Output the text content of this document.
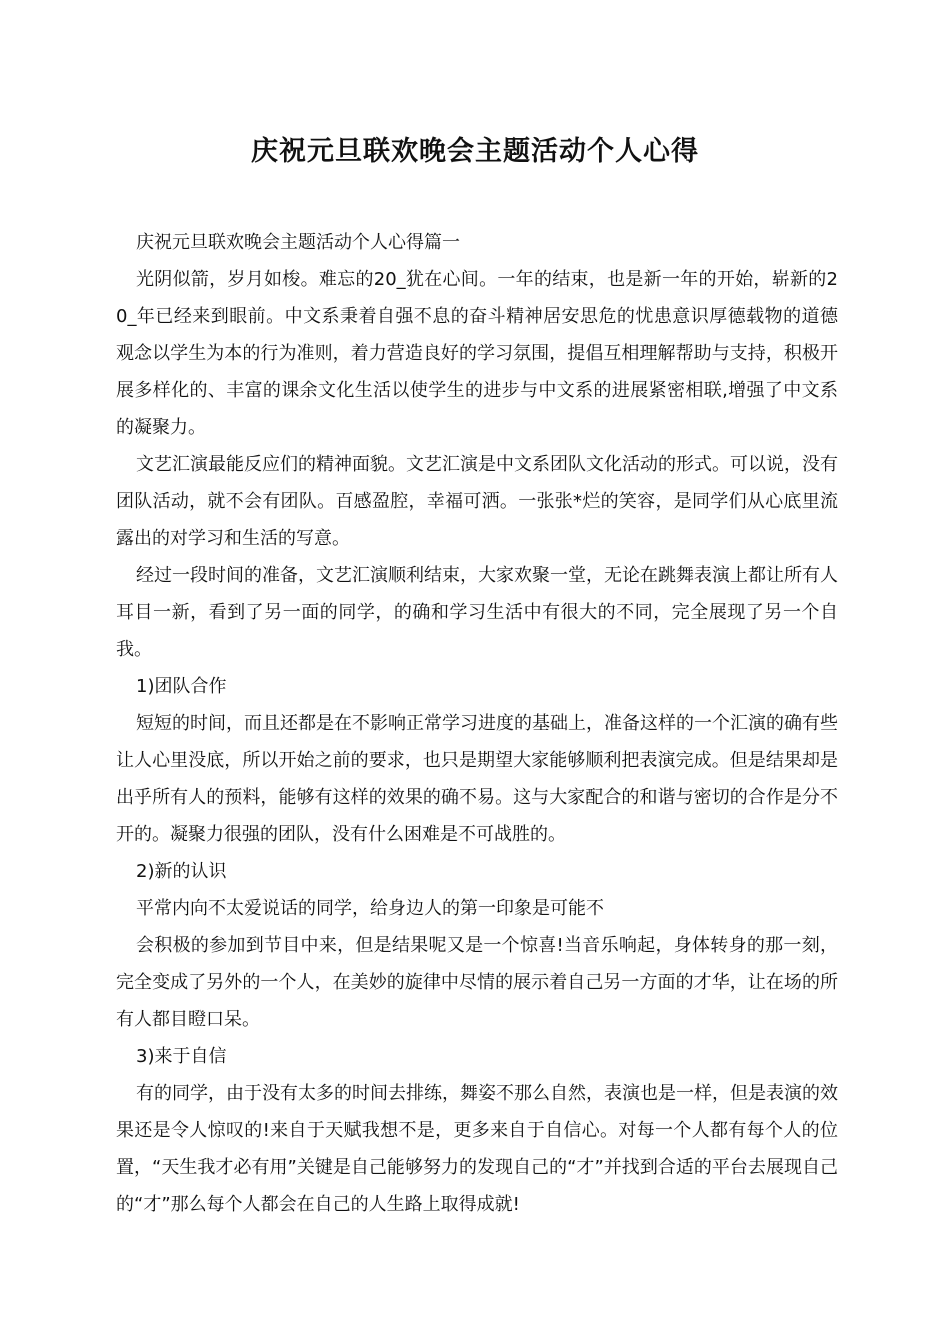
庆祝元旦联欢晚会主题活动个人心得

庆祝元旦联欢晚会主题活动个人心得篇一

光阴似箭，岁月如梭。难忘的20_犹在心间。一年的结束，也是新一年的开始，崭新的20_年已经来到眼前。中文系秉着自强不息的奋斗精神居安思危的忧患意识厚德载物的道德观念以学生为本的行为准则，着力营造良好的学习氛围，提倡互相理解帮助与支持，积极开展多样化的、丰富的课余文化生活以使学生的进步与中文系的进展紧密相联,增强了中文系的凝聚力。

文艺汇演最能反应们的精神面貌。文艺汇演是中文系团队文化活动的形式。可以说，没有团队活动，就不会有团队。百感盈腔，幸福可洒。一张张*烂的笑容，是同学们从心底里流露出的对学习和生活的写意。

经过一段时间的准备，文艺汇演顺利结束，大家欢聚一堂，无论在跳舞表演上都让所有人耳目一新，看到了另一面的同学，的确和学习生活中有很大的不同，完全展现了另一个自我。

1)团队合作

短短的时间，而且还都是在不影响正常学习进度的基础上，准备这样的一个汇演的确有些让人心里没底，所以开始之前的要求，也只是期望大家能够顺利把表演完成。但是结果却是出乎所有人的预料，能够有这样的效果的确不易。这与大家配合的和谐与密切的合作是分不开的。凝聚力很强的团队，没有什么困难是不可战胜的。

2)新的认识

平常内向不太爱说话的同学，给身边人的第一印象是可能不

会积极的参加到节目中来，但是结果呢又是一个惊喜!当音乐响起，身体转身的那一刻，完全变成了另外的一个人，在美妙的旋律中尽情的展示着自己另一方面的才华，让在场的所有人都目瞪口呆。

3)来于自信

有的同学，由于没有太多的时间去排练，舞姿不那么自然，表演也是一样，但是表演的效果还是令人惊叹的!来自于天赋我想不是，更多来自于自信心。对每一个人都有每个人的位置，“天生我才必有用”关键是自己能够努力的发现自己的“才”并找到合适的平台去展现自己的“才”那么每个人都会在自己的人生路上取得成就!
